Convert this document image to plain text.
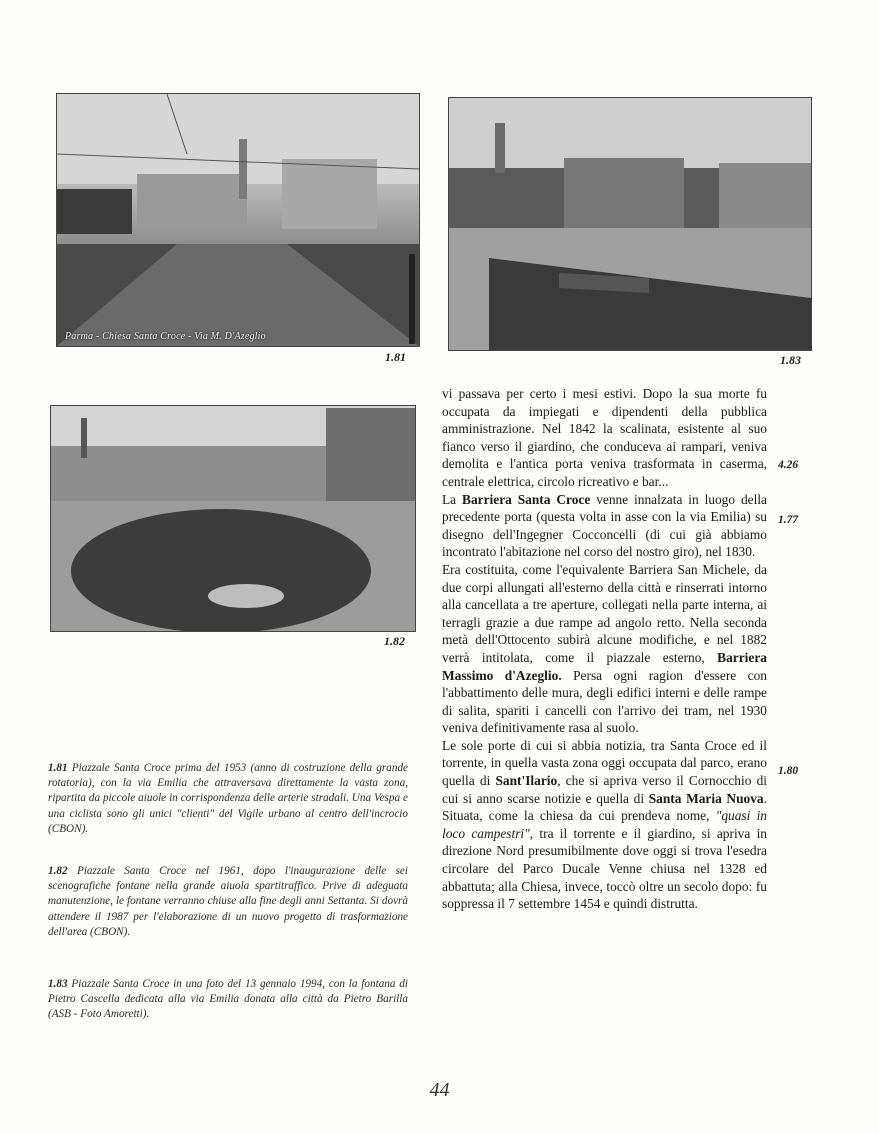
Parma - Chiesa Santa Croce - Via M. D'Azeglio
1.81	1.83
1.82
1.81 Piazzale Santa Croce prima del 1953 (anno di costruzione della grande rotatoria), con la via Emilia che attraversava direttamente la vasta zona, ripartita da piccole aiuole in corrispondenza delle arterie stradali. Una Vespa e una ciclista sono gli unici "clienti" del Vigile urbano al centro dell'incrocio (CBON).
1.82 Piazzale Santa Croce nel 1961, dopo l'inaugurazione delle sei scenografiche fontane nella grande aiuola spartitraffico. Prive di adeguata manutenzione, le fontane verranno chiuse alla fine degli anni Settanta. Si dovrà attendere il 1987 per l'elaborazione di un nuovo progetto di trasformazione dell'area (CBON).
1.83 Piazzale Santa Croce in una foto del 13 gennaio 1994, con la fontana di Pietro Cascella dedicata alla via Emilia donata alla città da Pietro Barilla (ASB - Foto Amoretti).

vi passava per certo i mesi estivi. Dopo la sua morte fu occupata da impiegati e dipendenti della pubblica amministrazione. Nel 1842 la scalinata, esistente al suo fianco verso il giardino, che conduceva ai rampari, veniva demolita e l'antica porta veniva trasformata in caserma, centrale elettrica, circolo ricreativo e bar...

La Barriera Santa Croce venne innalzata in luogo della precedente porta (questa volta in asse con la via Emilia) su disegno dell'Ingegner Cocconcelli (di cui già abbiamo incontrato l'abitazione nel corso del nostro giro), nel 1830.

Era costituita, come l'equivalente Barriera San Michele, da due corpi allungati all'esterno della città e rinserrati intorno alla cancellata a tre aperture, collegati nella parte interna, ai terragli grazie a due rampe ad angolo retto. Nella seconda metà dell'Ottocento subirà alcune modifiche, e nel 1882 verrà intitolata, come il piazzale esterno, Barriera Massimo d'Azeglio. Persa ogni ragion d'essere con l'abbattimento delle mura, degli edifici interni e delle rampe di salita, spariti i cancelli con l'arrivo dei tram, nel 1930 veniva definitivamente rasa al suolo.

Le sole porte di cui si abbia notizia, tra Santa Croce ed il torrente, in quella vasta zona oggi occupata dal parco, erano quella di Sant'Ilario, che si apriva verso il Cornocchio di cui si anno scarse notizie e quella di Santa Maria Nuova. Situata, come la chiesa da cui prendeva nome, "quasi in loco campestri", tra il torrente e il giardino, si apriva in direzione Nord presumibilmente dove oggi si trova l'esedra circolare del Parco Ducale Venne chiusa nel 1328 ed abbattuta; alla Chiesa, invece, toccò oltre un secolo dopo: fu soppressa il 7 settembre 1454 e quindi distrutta.

4.26
1.77
1.80
44
